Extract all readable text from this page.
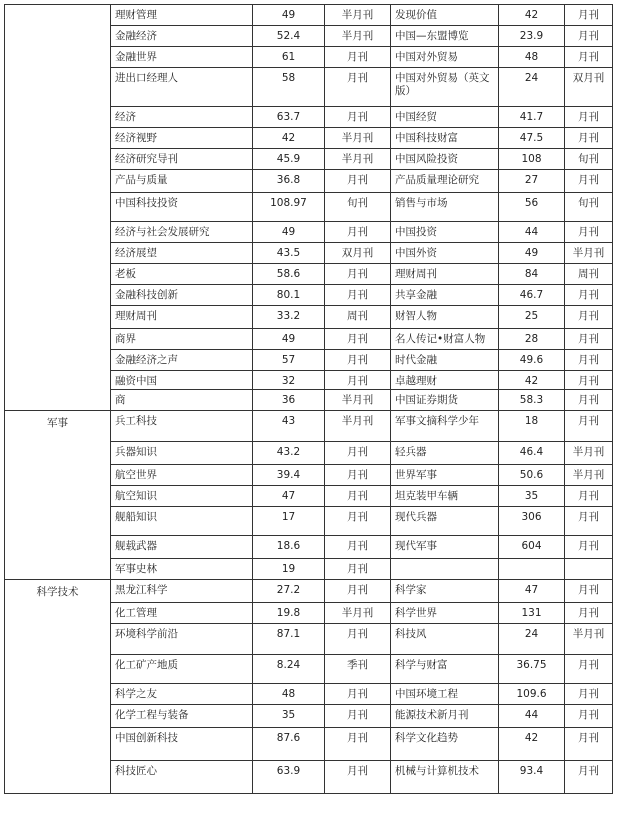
	理财管理	49	半月刊	发现价值	42	月刊
	金融经济	52.4	半月刊	中国—东盟博览	23.9	月刊
	金融世界	61	月刊	中国对外贸易	48	月刊
	进出口经理人	58	月刊	中国对外贸易（英文版）	24	双月刊
	经济	63.7	月刊	中国经贸	41.7	月刊
	经济视野	42	半月刊	中国科技财富	47.5	月刊
	经济研究导刊	45.9	半月刊	中国风险投资	108	旬刊
	产品与质量	36.8	月刊	产品质量理论研究	27	月刊
	中国科技投资	108.97	旬刊	销售与市场	56	旬刊
	经济与社会发展研究	49	月刊	中国投资	44	月刊
	经济展望	43.5	双月刊	中国外资	49	半月刊
	老板	58.6	月刊	理财周刊	84	周刊
	金融科技创新	80.1	月刊	共享金融	46.7	月刊
	理财周刊	33.2	周刊	财智人物	25	月刊
	商界	49	月刊	名人传记•财富人物	28	月刊
	金融经济之声	57	月刊	时代金融	49.6	月刊
	融资中国	32	月刊	卓越理财	42	月刊
	商	36	半月刊	中国证券期货	58.3	月刊
军事	兵工科技	43	半月刊	军事文摘科学少年	18	月刊
	兵器知识	43.2	月刊	轻兵器	46.4	半月刊
	航空世界	39.4	月刊	世界军事	50.6	半月刊
	航空知识	47	月刊	坦克装甲车辆	35	月刊
	舰船知识	17	月刊	现代兵器	306	月刊
	舰载武器	18.6	月刊	现代军事	604	月刊
	军事史林	19	月刊			
科学技术	黑龙江科学	27.2	月刊	科学家	47	月刊
	化工管理	19.8	半月刊	科学世界	131	月刊
	环境科学前沿	87.1	月刊	科技风	24	半月刊
	化工矿产地质	8.24	季刊	科学与财富	36.75	月刊
	科学之友	48	月刊	中国环境工程	109.6	月刊
	化学工程与装备	35	月刊	能源技术新月刊	44	月刊
	中国创新科技	87.6	月刊	科学文化趋势	42	月刊
	科技匠心	63.9	月刊	机械与计算机技术	93.4	月刊
